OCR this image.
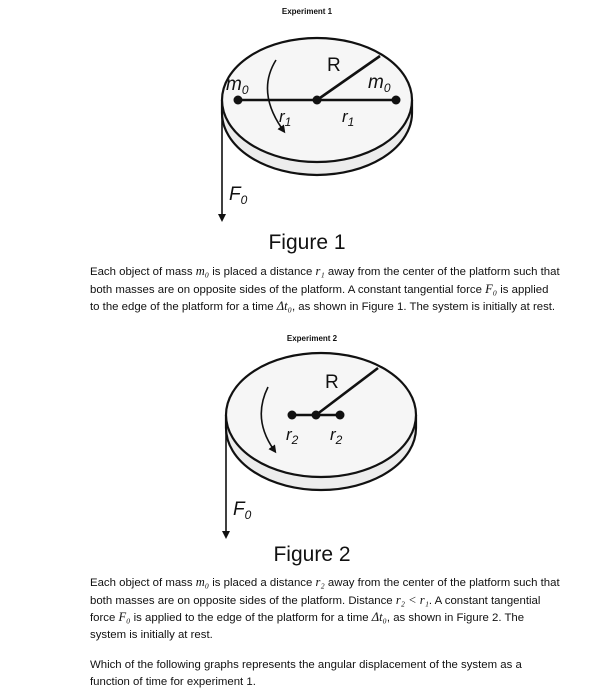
Experiment 1
$m_0$	$m_0$
R
$r_1$	$r_1$
$F_0$
Figure 1

Each object of mass m₀ is placed a distance r₁ away from the center of the platform such that both masses are on opposite sides of the platform. A constant tangential force F₀ is applied to the edge of the platform for a time Δt₀, as shown in Figure 1. The system is initially at rest.

Experiment 2
R
$r_2$ $r_2$
$F_0$
Figure 2

Each object of mass m₀ is placed a distance r₂ away from the center of the platform such that both masses are on opposite sides of the platform. Distance r₂ < r₁. A constant tangential force F₀ is applied to the edge of the platform for a time Δt₀, as shown in Figure 2. The system is initially at rest.

Which of the following graphs represents the angular displacement of the system as a function of time for experiment 1.
